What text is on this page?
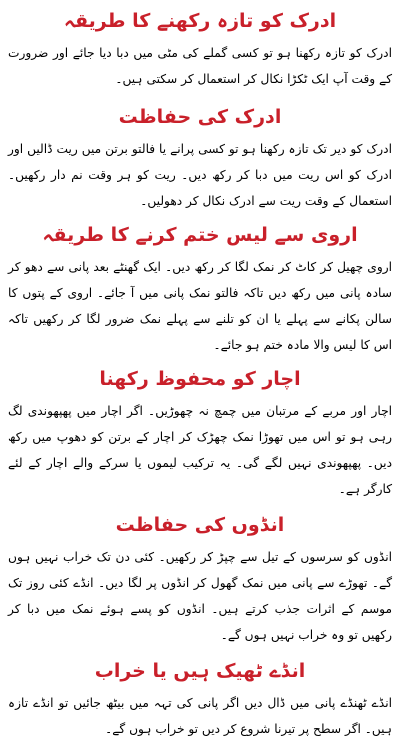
ادرک کو تازہ رکھنے کا طریقہ

ادرک کو تازہ رکھنا ہو تو کسی گملے کی مٹی میں دبا دیا جائے اور ضرورت کے وقت آپ ایک ٹکڑا نکال کر استعمال کر سکتی ہیں۔

ادرک کی حفاظت

ادرک کو دیر تک تازہ رکھنا ہو تو کسی پرانے یا فالتو برتن میں ریت ڈالیں اور ادرک کو اس ریت میں دبا کر رکھ دیں۔ ریت کو ہر وقت نم دار رکھیں۔ استعمال کے وقت ریت سے ادرک نکال کر دھولیں۔

اروی سے لیس ختم کرنے کا طریقہ

اروی چھیل کر کاٹ کر نمک لگا کر رکھ دیں۔ ایک گھنٹے بعد پانی سے دھو کر سادہ پانی میں رکھ دیں تاکہ فالتو نمک پانی میں آ جائے۔ اروی کے پتوں کا سالن پکانے سے پہلے یا ان کو تلنے سے پہلے نمک ضرور لگا کر رکھیں تاکہ اس کا لیس والا مادہ ختم ہو جائے۔

اچار کو محفوظ رکھنا

اچار اور مربے کے مرتبان میں چمچ نہ چھوڑیں۔ اگر اچار میں پھپھوندی لگ رہی ہو تو اس میں تھوڑا نمک چھڑک کر اچار کے برتن کو دھوپ میں رکھ دیں۔ پھپھوندی نہیں لگے گی۔ یہ ترکیب لیموں یا سرکے والے اچار کے لئے کارگر ہے۔

انڈوں کی حفاظت

انڈوں کو سرسوں کے تیل سے چپڑ کر رکھیں۔ کئی دن تک خراب نہیں ہوں گے۔ تھوڑے سے پانی میں نمک گھول کر انڈوں پر لگا دیں۔ انڈے کئی روز تک موسم کے اثرات جذب کرتے ہیں۔ انڈوں کو پسے ہوئے نمک میں دبا کر رکھیں تو وہ خراب نہیں ہوں گے۔

انڈے ٹھیک ہیں یا خراب

انڈے ٹھنڈے پانی میں ڈال دیں اگر پانی کی تہہ میں بیٹھ جائیں تو انڈے تازہ ہیں۔ اگر سطح پر تیرنا شروع کر دیں تو خراب ہوں گے۔
